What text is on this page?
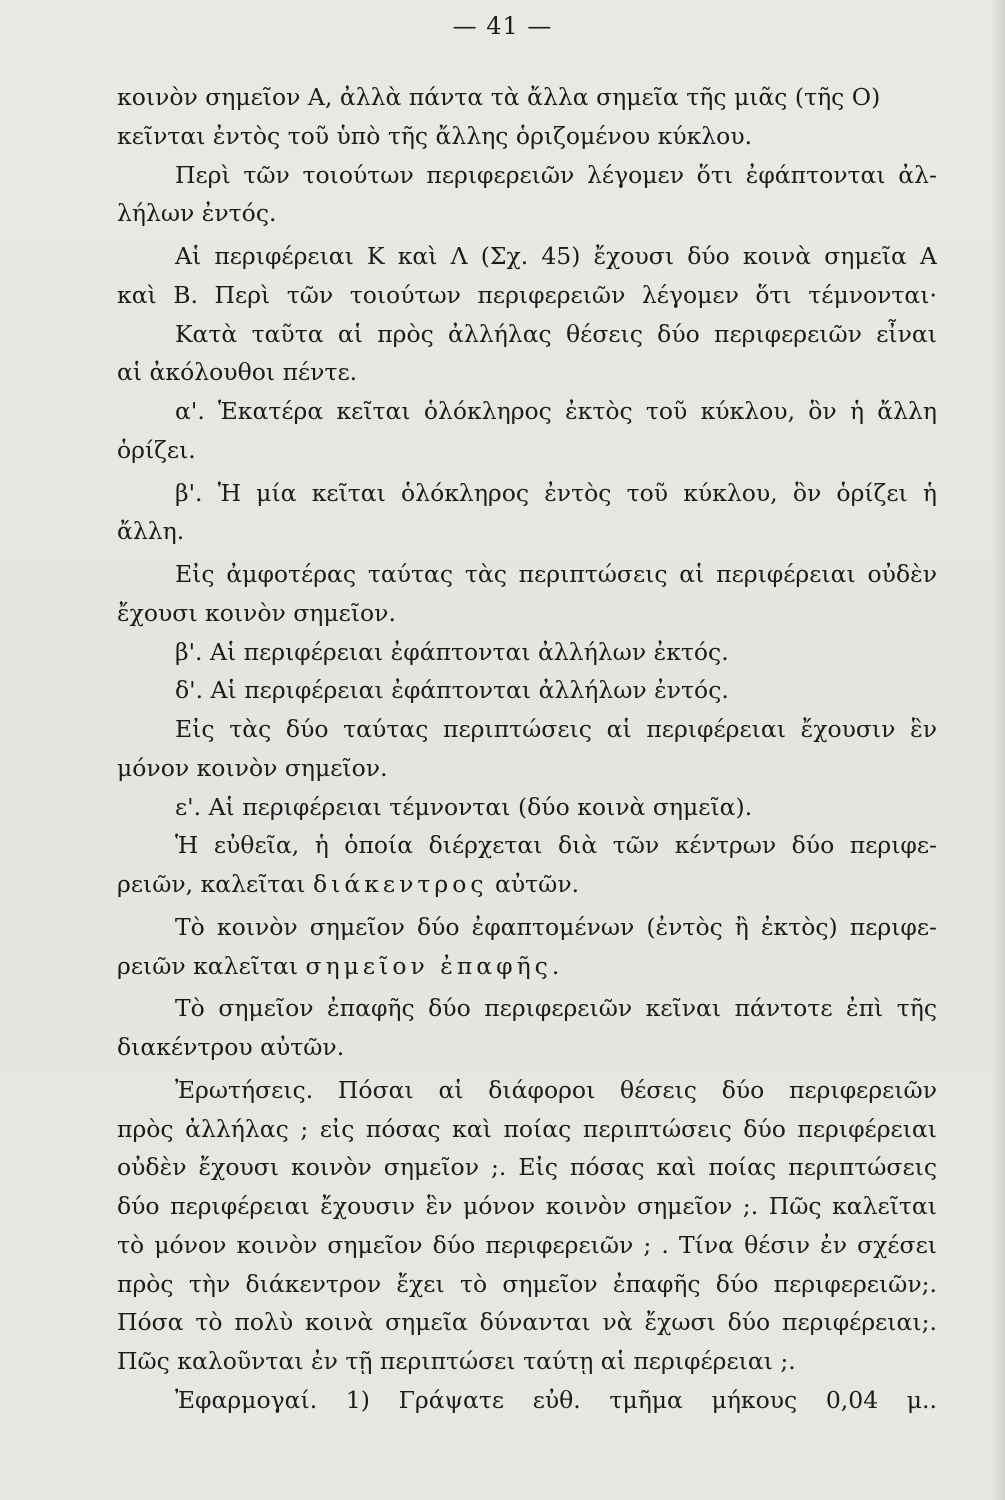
— 41 —
κοινὸν σημεῖον Α, ἀλλὰ πάντα τὰ ἄλλα σημεῖα τῆς μιᾶς (τῆς Ο)
κεῖνται ἐντὸς τοῦ ὑπὸ τῆς ἄλλης ὁριζομένου κύκλου.
Περὶ τῶν τοιούτων περιφερειῶν λέγομεν ὅτι ἐφάπτονται ἀλ-
λήλων ἐντός.
Αἱ περιφέρειαι Κ καὶ Λ (Σχ. 45) ἔχουσι δύο κοινὰ σημεῖα Α
καὶ Β. Περὶ τῶν τοιούτων περιφερειῶν λέγομεν ὅτι τέμνονται·
Κατὰ ταῦτα αἱ πρὸς ἀλλήλας θέσεις δύο περιφερειῶν εἶναι
αἱ ἀκόλουθοι πέντε.
α'. Ἑκατέρα κεῖται ὁλόκληρος ἐκτὸς τοῦ κύκλου, ὃν ἡ ἄλλη
ὁρίζει.
β'. Ἡ μία κεῖται ὁλόκληρος ἐντὸς τοῦ κύκλου, ὃν ὁρίζει ἡ
ἄλλη.
Εἰς ἀμφοτέρας ταύτας τὰς περιπτώσεις αἱ περιφέρειαι οὐδὲν
ἔχουσι κοινὸν σημεῖον.
β'. Αἱ περιφέρειαι ἐφάπτονται ἀλλήλων ἐκτός.
δ'. Αἱ περιφέρειαι ἐφάπτονται ἀλλήλων ἐντός.
Εἰς τὰς δύο ταύτας περιπτώσεις αἱ περιφέρειαι ἔχουσιν ἓν
μόνον κοινὸν σημεῖον.
ε'. Αἱ περιφέρειαι τέμνονται (δύο κοινὰ σημεῖα).
Ἡ εὐθεῖα, ἡ ὁποία διέρχεται διὰ τῶν κέντρων δύο περιφε-
ρειῶν, καλεῖται διάκεντρος αὐτῶν.
Τὸ κοινὸν σημεῖον δύο ἐφαπτομένων (ἐντὸς ἢ ἐκτὸς) περιφε-
ρειῶν καλεῖται σημεῖον ἐπαφῆς.
Τὸ σημεῖον ἐπαφῆς δύο περιφερειῶν κεῖναι πάντοτε ἐπὶ τῆς
διακέντρου αὐτῶν.
Ἐρωτήσεις. Πόσαι αἱ διάφοροι θέσεις δύο περιφερειῶν
πρὸς ἀλλήλας ; εἰς πόσας καὶ ποίας περιπτώσεις δύο περιφέρειαι
οὐδὲν ἔχουσι κοινὸν σημεῖον ;. Εἰς πόσας καὶ ποίας περιπτώσεις
δύο περιφέρειαι ἔχουσιν ἓν μόνον κοινὸν σημεῖον ;. Πῶς καλεῖται
τὸ μόνον κοινὸν σημεῖον δύο περιφερειῶν ; . Τίνα θέσιν ἐν σχέσει
πρὸς τὴν διάκεντρον ἔχει τὸ σημεῖον ἐπαφῆς δύο περιφερειῶν;.
Πόσα τὸ πολὺ κοινὰ σημεῖα δύνανται νὰ ἔχωσι δύο περιφέρειαι;.
Πῶς καλοῦνται ἐν τῇ περιπτώσει ταύτῃ αἱ περιφέρειαι ;.
Ἐφαρμογαί. 1) Γράψατε εὐθ. τμῆμα μήκους 0,04 μ..
